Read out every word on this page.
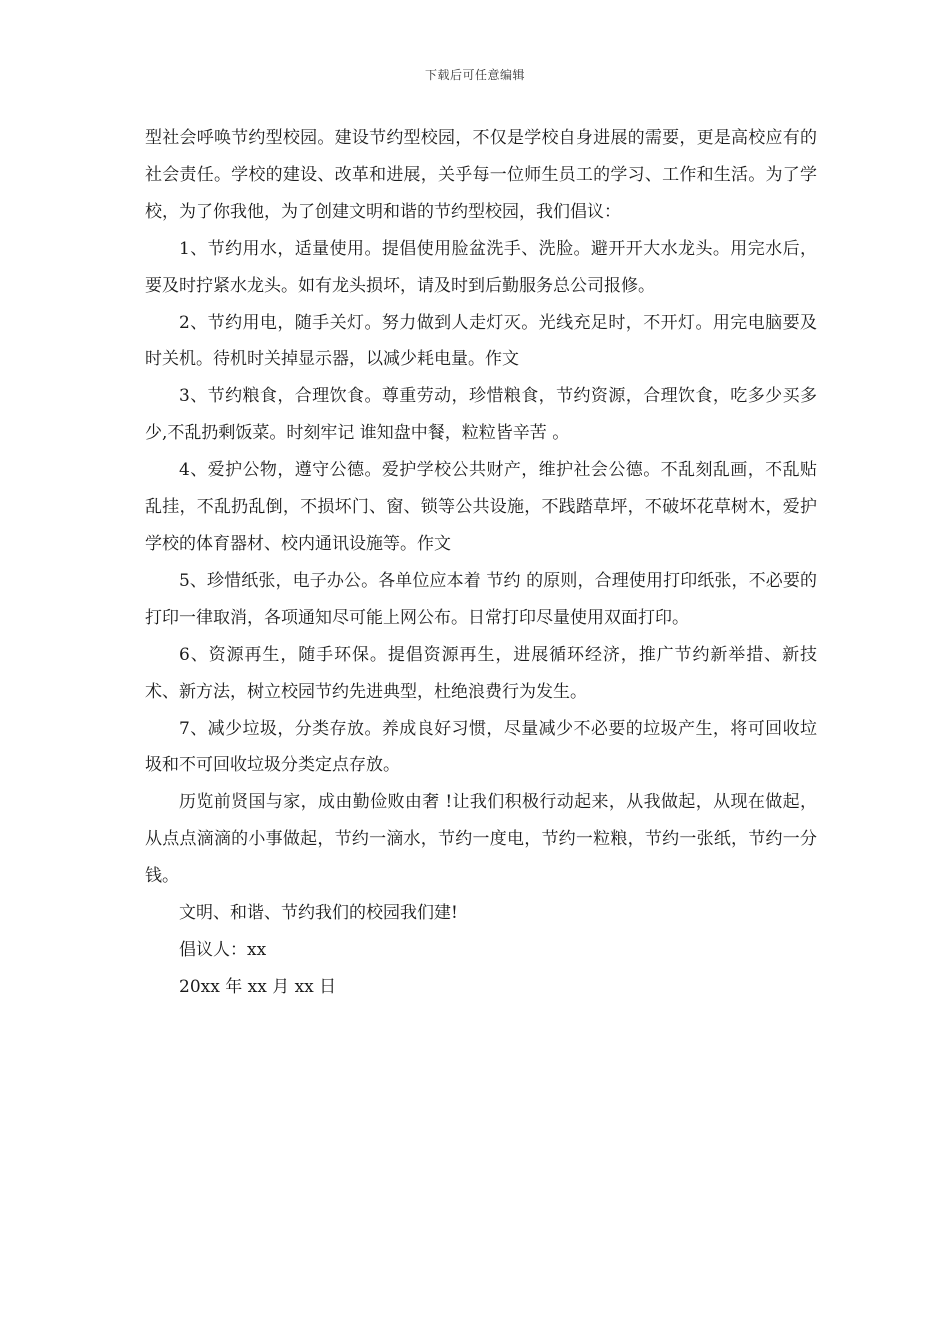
下载后可任意编辑

型社会呼唤节约型校园。建设节约型校园，不仅是学校自身进展的需要，更是高校应有的社会责任。学校的建设、改革和进展，关乎每一位师生员工的学习、工作和生活。为了学校，为了你我他，为了创建文明和谐的节约型校园，我们倡议：

1、节约用水，适量使用。提倡使用脸盆洗手、洗脸。避开开大水龙头。用完水后，要及时拧紧水龙头。如有龙头损坏，请及时到后勤服务总公司报修。

2、节约用电，随手关灯。努力做到人走灯灭。光线充足时，不开灯。用完电脑要及时关机。待机时关掉显示器，以减少耗电量。作文

3、节约粮食，合理饮食。尊重劳动，珍惜粮食，节约资源，合理饮食，吃多少买多少,不乱扔剩饭菜。时刻牢记 谁知盘中餐，粒粒皆辛苦 。

4、爱护公物，遵守公德。爱护学校公共财产，维护社会公德。不乱刻乱画，不乱贴乱挂，不乱扔乱倒，不损坏门、窗、锁等公共设施，不践踏草坪，不破坏花草树木，爱护学校的体育器材、校内通讯设施等。作文

5、珍惜纸张，电子办公。各单位应本着 节约 的原则，合理使用打印纸张，不必要的打印一律取消，各项通知尽可能上网公布。日常打印尽量使用双面打印。

6、资源再生，随手环保。提倡资源再生，进展循环经济，推广节约新举措、新技术、新方法，树立校园节约先进典型，杜绝浪费行为发生。

7、减少垃圾，分类存放。养成良好习惯，尽量减少不必要的垃圾产生，将可回收垃圾和不可回收垃圾分类定点存放。

历览前贤国与家，成由勤俭败由奢 !让我们积极行动起来，从我做起，从现在做起，从点点滴滴的小事做起，节约一滴水，节约一度电，节约一粒粮，节约一张纸，节约一分钱。

文明、和谐、节约我们的校园我们建!

倡议人：xx

20xx 年 xx 月 xx 日
